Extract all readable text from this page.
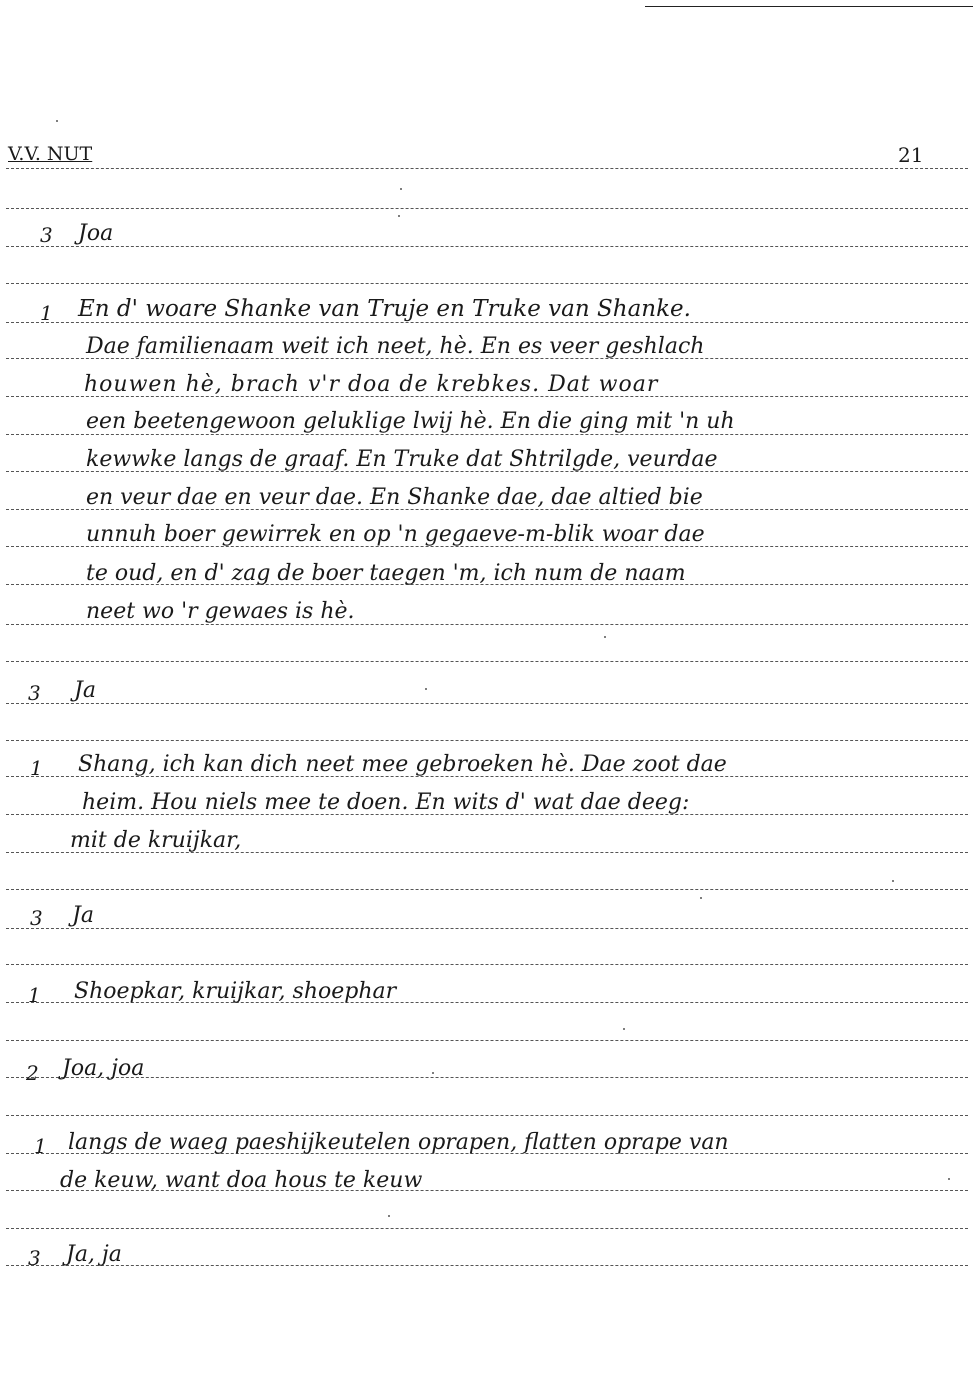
V.V. NUT	21
3 Joa
1 En d' woare Shanke van Truje en Truke van Shanke.
Dae familienaam weit ich neet, hè. En es veer geshlach
houwen hè, brach v'r doa de krebkes. Dat woar
een beetengewoon geluklige lwij hè. En die ging mit 'n uh
kewwke langs de graaf. En Truke dat Shtrilgde, veurdae
en veur dae en veur dae. En Shanke dae, dae altied bie
unnuh boer gewirrek en op 'n gegaeve-m-blik woar dae
te oud, en d' zag de boer taegen 'm, ich num de naam
neet wo 'r gewaes is hè.
3 Ja
1 Shang, ich kan dich neet mee gebroeken hè. Dae zoot dae
heim. Hou niels mee te doen. En wits d' wat dae deeg:
mit de kruijkar,
3 Ja
1 Shoepkar, kruijkar, shoephar
2 Joa, joa
1 langs de waeg paeshijkeutelen oprapen, flatten oprape van
de keuw, want doa hous te keuw
3 Ja, ja
